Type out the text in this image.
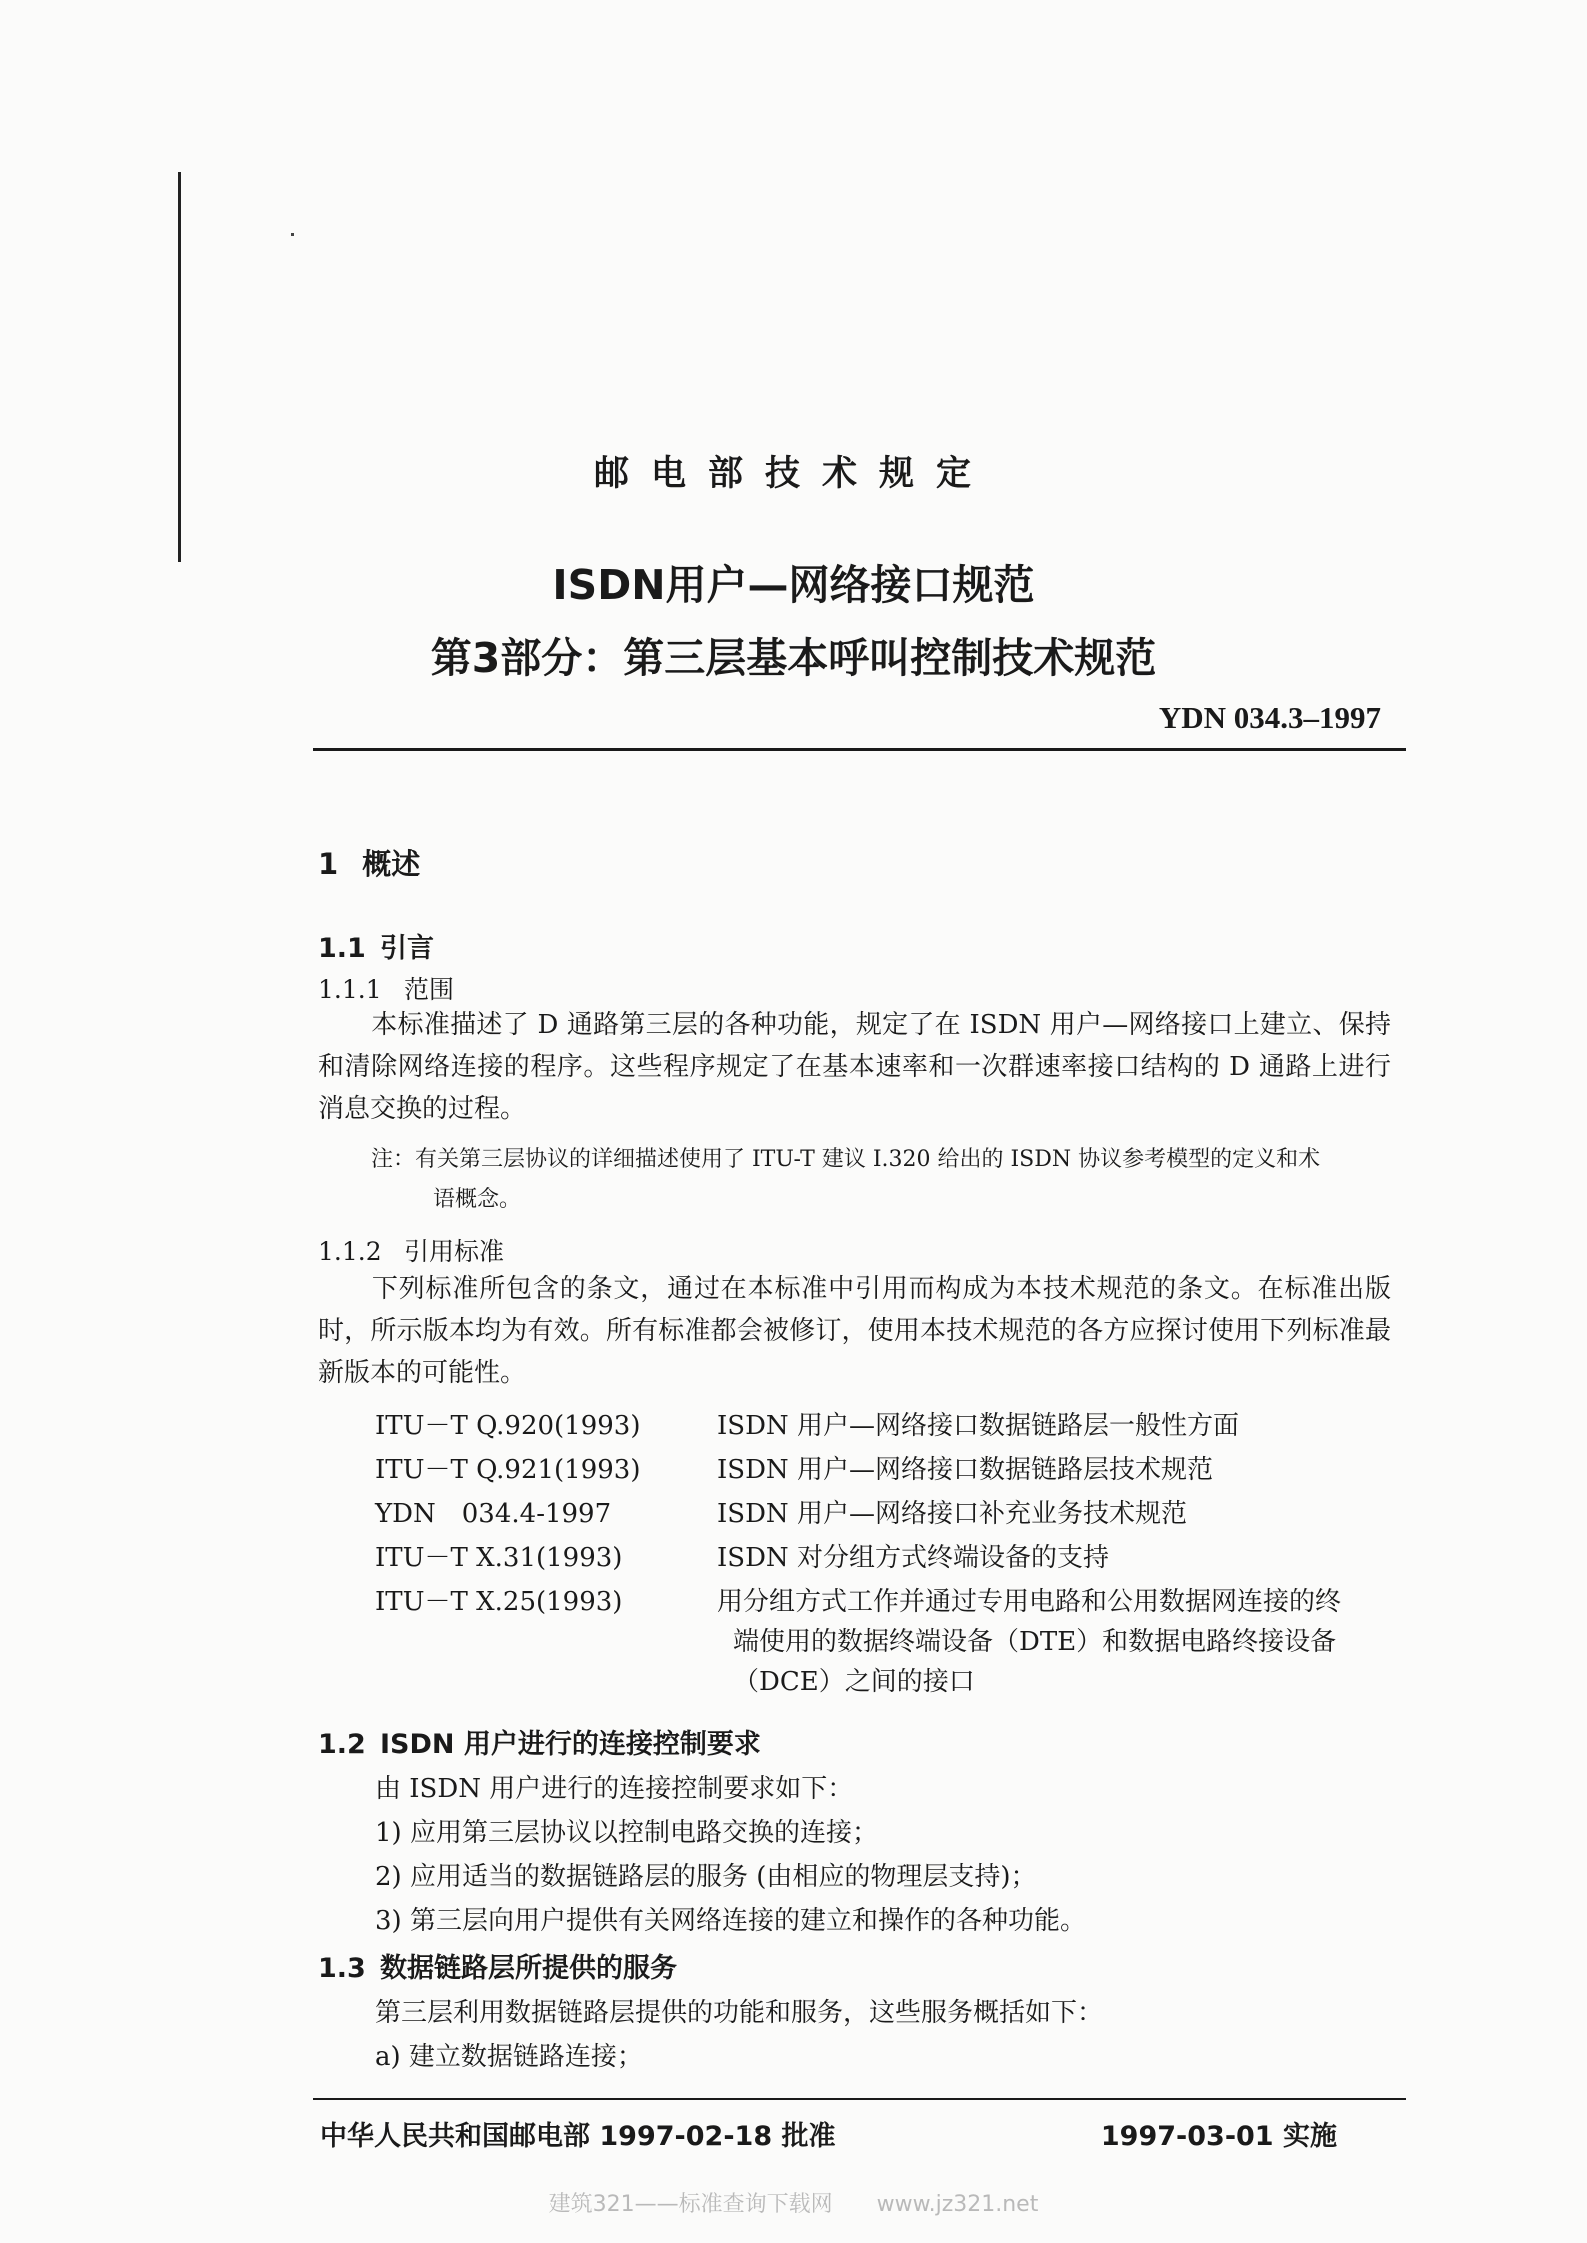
邮电部技术规定
ISDN用户—网络接口规范
第3部分：第三层基本呼叫控制技术规范
YDN 034.3–1997
1 概述
1.1 引言
1.1.1 范围
本标准描述了 D 通路第三层的各种功能，规定了在 ISDN 用户—网络接口上建立、保持和清除网络连接的程序。这些程序规定了在基本速率和一次群速率接口结构的 D 通路上进行消息交换的过程。
注：有关第三层协议的详细描述使用了 ITU-T 建议 I.320 给出的 ISDN 协议参考模型的定义和术
语概念。
1.1.2 引用标准
下列标准所包含的条文，通过在本标准中引用而构成为本技术规范的条文。在标准出版时，所示版本均为有效。所有标准都会被修订，使用本技术规范的各方应探讨使用下列标准最新版本的可能性。
ITU－T Q.920(1993)	ISDN 用户—网络接口数据链路层一般性方面
ITU－T Q.921(1993)	ISDN 用户—网络接口数据链路层技术规范
YDN　034.4-1997	ISDN 用户—网络接口补充业务技术规范
ITU－T X.31(1993)	ISDN 对分组方式终端设备的支持
ITU－T X.25(1993)	用分组方式工作并通过专用电路和公用数据网连接的终
端使用的数据终端设备（DTE）和数据电路终接设备
（DCE）之间的接口
1.2 ISDN 用户进行的连接控制要求
由 ISDN 用户进行的连接控制要求如下：
1) 应用第三层协议以控制电路交换的连接；
2) 应用适当的数据链路层的服务 (由相应的物理层支持)；
3) 第三层向用户提供有关网络连接的建立和操作的各种功能。
1.3 数据链路层所提供的服务
第三层利用数据链路层提供的功能和服务，这些服务概括如下：
a) 建立数据链路连接；
中华人民共和国邮电部 1997-02-18 批准	1997-03-01 实施
建筑321——标准查询下载网　　www.jz321.net
